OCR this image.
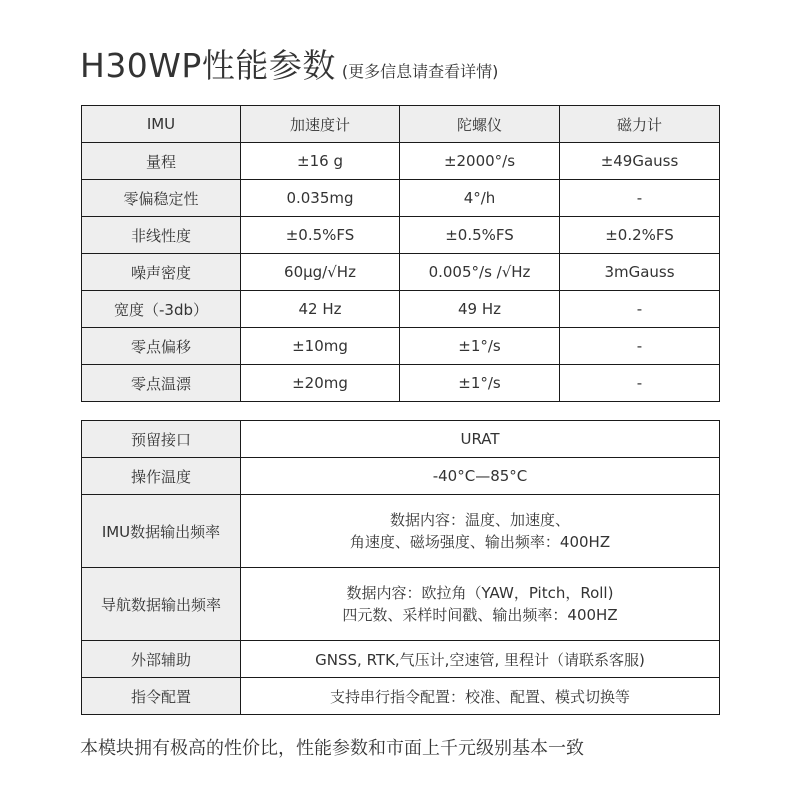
H30WP性能参数 (更多信息请查看详情)
IMU	加速度计	陀螺仪	磁力计
量程	±16 g	±2000°/s	±49Gauss
零偏稳定性	0.035mg	4°/h	-
非线性度	±0.5%FS	±0.5%FS	±0.2%FS
噪声密度	60μg/√Hz	0.005°/s /√Hz	3mGauss
宽度（-3db）	42 Hz	49 Hz	-
零点偏移	±10mg	±1°/s	-
零点温漂	±20mg	±1°/s	-
预留接口	URAT
操作温度	-40°C—85°C
IMU数据输出频率	数据内容：温度、加速度、
角速度、磁场强度、输出频率：400HZ

导航数据输出频率	数据内容：欧拉角（YAW，Pitch，Roll)
四元数、采样时间戳、输出频率：400HZ

外部辅助	GNSS, RTK,气压计,空速管, 里程计（请联系客服)
指令配置	支持串行指令配置：校准、配置、模式切换等
本模块拥有极高的性价比，性能参数和市面上千元级别基本一致
